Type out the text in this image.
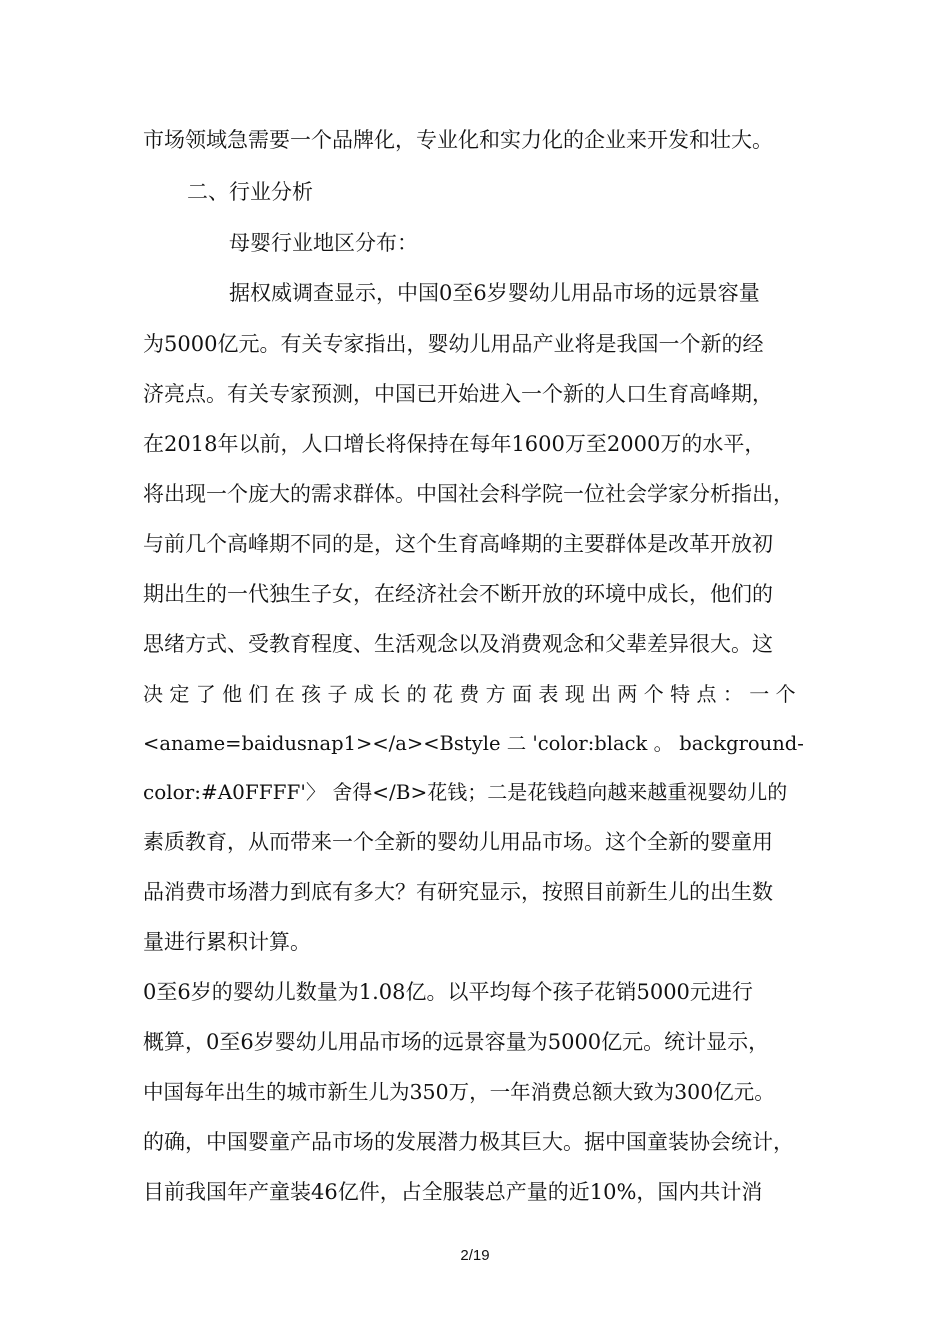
市场领域急需要一个品牌化，专业化和实力化的企业来开发和壮大。
二、行业分析
母婴行业地区分布：
据权威调查显示，中国0至6岁婴幼儿用品市场的远景容量
为5000亿元。有关专家指出，婴幼儿用品产业将是我国一个新的经
济亮点。有关专家预测，中国已开始进入一个新的人口生育高峰期，
在2018年以前，人口增长将保持在每年1600万至2000万的水平，
将出现一个庞大的需求群体。中国社会科学院一位社会学家分析指出，
与前几个高峰期不同的是，这个生育高峰期的主要群体是改革开放初
期出生的一代独生子女，在经济社会不断开放的环境中成长，他们的
思绪方式、受教育程度、生活观念以及消费观念和父辈差异很大。这
决 定 了 他 们 在 孩 子 成 长 的 花 费 方 面 表 现 出 两 个 特 点 ： 一 个
<aname=baidusnap1></a><Bstyle 二 'color:black 。 background-
color:#A0FFFF'〉 舍得</B>花钱；二是花钱趋向越来越重视婴幼儿的
素质教育，从而带来一个全新的婴幼儿用品市场。这个全新的婴童用
品消费市场潜力到底有多大？有研究显示，按照目前新生儿的出生数
量进行累积计算。
0至6岁的婴幼儿数量为1.08亿。以平均每个孩子花销5000元进行
概算，0至6岁婴幼儿用品市场的远景容量为5000亿元。统计显示，
中国每年出生的城市新生儿为350万，一年消费总额大致为300亿元。
的确，中国婴童产品市场的发展潜力极其巨大。据中国童装协会统计，
目前我国年产童装46亿件，占全服装总产量的近10%，国内共计消
2/19
